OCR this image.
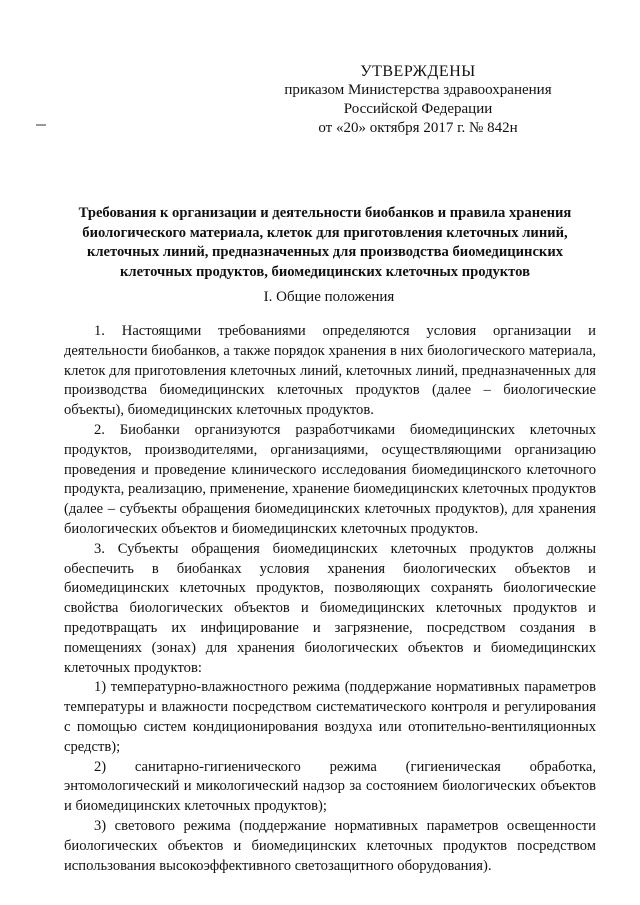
УТВЕРЖДЕНЫ
приказом Министерства здравоохранения
Российской Федерации
от «20» октября 2017 г. № 842н
Требования к организации и деятельности биобанков и правила хранения биологического материала, клеток для приготовления клеточных линий, клеточных линий, предназначенных для производства биомедицинских клеточных продуктов, биомедицинских клеточных продуктов
I. Общие положения

1. Настоящими требованиями определяются условия организации и деятельности биобанков, а также порядок хранения в них биологического материала, клеток для приготовления клеточных линий, клеточных линий, предназначенных для производства биомедицинских клеточных продуктов (далее – биологические объекты), биомедицинских клеточных продуктов.

2. Биобанки организуются разработчиками биомедицинских клеточных продуктов, производителями, организациями, осуществляющими организацию проведения и проведение клинического исследования биомедицинского клеточного продукта, реализацию, применение, хранение биомедицинских клеточных продуктов (далее – субъекты обращения биомедицинских клеточных продуктов), для хранения биологических объектов и биомедицинских клеточных продуктов.

3. Субъекты обращения биомедицинских клеточных продуктов должны обеспечить в биобанках условия хранения биологических объектов и биомедицинских клеточных продуктов, позволяющих сохранять биологические свойства биологических объектов и биомедицинских клеточных продуктов и предотвращать их инфицирование и загрязнение, посредством создания в помещениях (зонах) для хранения биологических объектов и биомедицинских клеточных продуктов:

1) температурно-влажностного режима (поддержание нормативных параметров температуры и влажности посредством систематического контроля и регулирования с помощью систем кондиционирования воздуха или отопительно-вентиляционных средств);

2) санитарно-гигиенического режима (гигиеническая обработка, энтомологический и микологический надзор за состоянием биологических объектов и биомедицинских клеточных продуктов);

3) светового режима (поддержание нормативных параметров освещенности биологических объектов и биомедицинских клеточных продуктов посредством использования высокоэффективного светозащитного оборудования).
